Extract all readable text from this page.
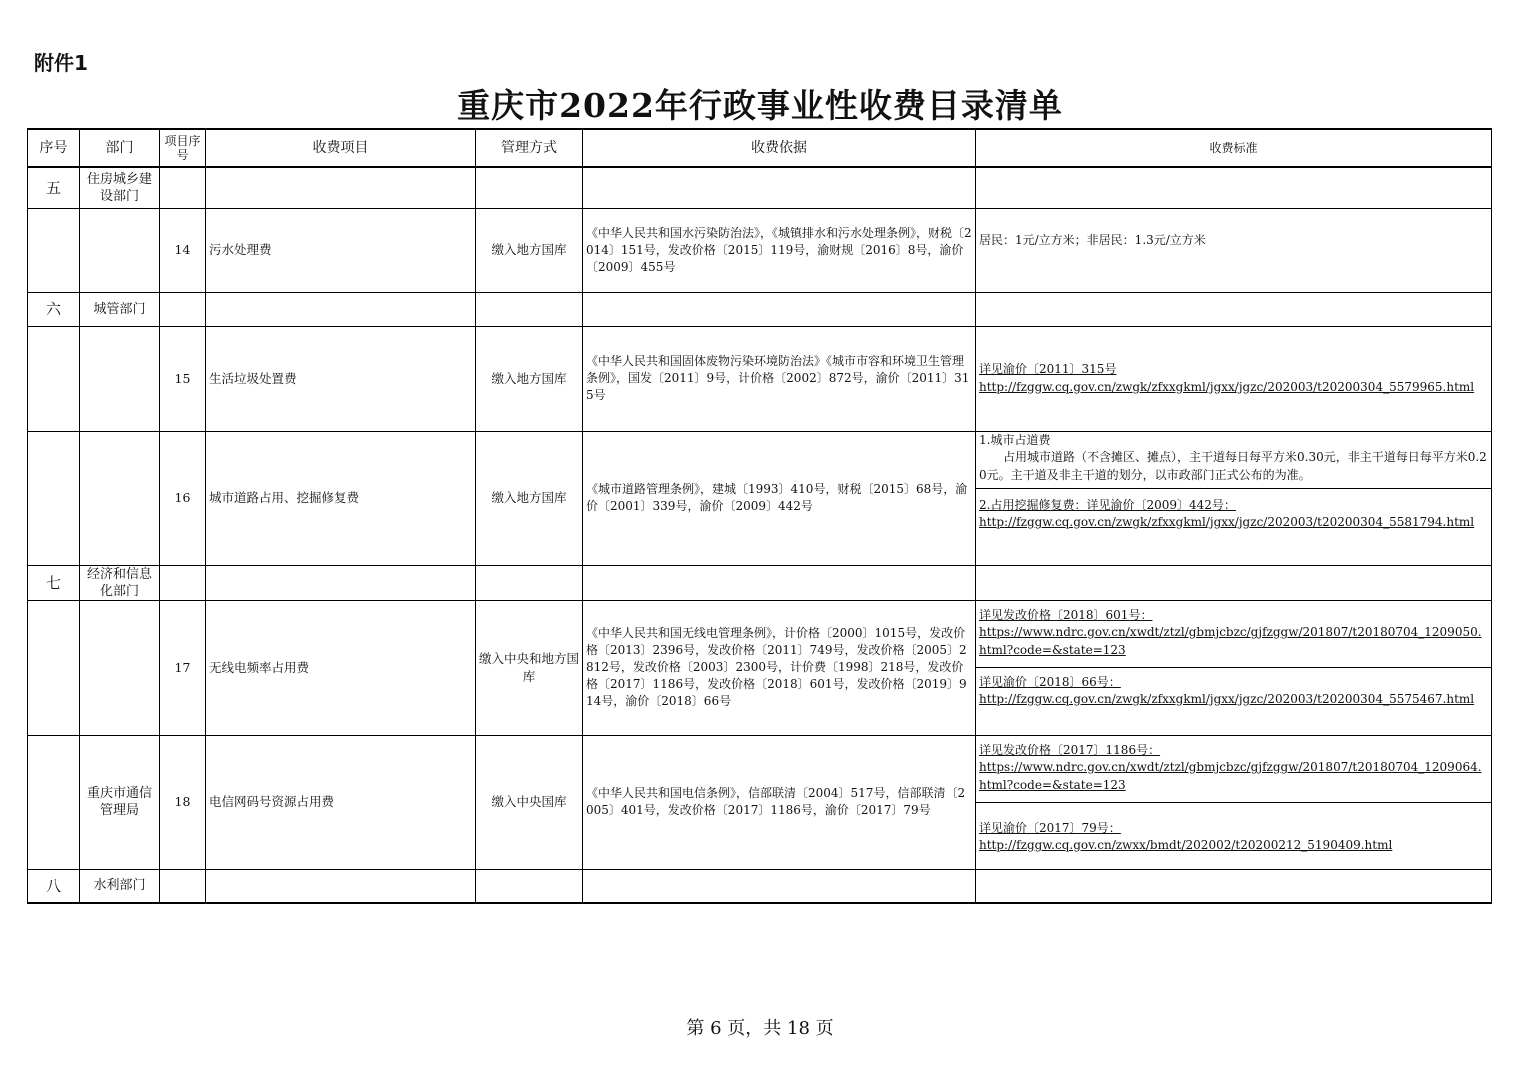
附件1
重庆市2022年行政事业性收费目录清单
序号	部门	项目序号	收费项目	管理方式	收费依据	收费标准
五	住房城乡建设部门					
		14	污水处理费	缴入地方国库	《中华人民共和国水污染防治法》，《城镇排水和污水处理条例》，财税〔2014〕151号，发改价格〔2015〕119号，渝财规〔2016〕8号，渝价〔2009〕455号	居民：1元/立方米；非居民：1.3元/立方米

六	城管部门					
		15	生活垃圾处置费	缴入地方国库	《中华人民共和国固体废物污染环境防治法》《城市市容和环境卫生管理条例》，国发〔2011〕9号，计价格〔2002〕872号，渝价〔2011〕315号	详见渝价〔2011〕315号
http://fzggw.cq.gov.cn/zwgk/zfxxgkml/jgxx/jgzc/202003/t20200304_5579965.html

		16	城市道路占用、挖掘修复费	缴入地方国库	《城市道路管理条例》，建城〔1993〕410号，财税〔2015〕68号，渝价〔2001〕339号，渝价〔2009〕442号	1.城市占道费
占用城市道路（不含摊区、摊点），主干道每日每平方米0.30元，非主干道每日每平方米0.20元。主干道及非主干道的划分，以市政部门正式公布的为准。
2.占用挖掘修复费：详见渝价〔2009〕442号：
http://fzggw.cq.gov.cn/zwgk/zfxxgkml/jgxx/jgzc/202003/t20200304_5581794.html

七	经济和信息化部门					
		17	无线电频率占用费	缴入中央和地方国库	《中华人民共和国无线电管理条例》，计价格〔2000〕1015号，发改价格〔2013〕2396号，发改价格〔2011〕749号，发改价格〔2005〕2812号，发改价格〔2003〕2300号，计价费〔1998〕218号，发改价格〔2017〕1186号，发改价格〔2018〕601号，发改价格〔2019〕914号，渝价〔2018〕66号	详见发改价格〔2018〕601号：
https://www.ndrc.gov.cn/xwdt/ztzl/gbmjcbzc/gjfzggw/201807/t20180704_1209050.html?code=&state=123
详见渝价〔2018〕66号：
http://fzggw.cq.gov.cn/zwgk/zfxxgkml/jgxx/jgzc/202003/t20200304_5575467.html

	重庆市通信管理局	18	电信网码号资源占用费	缴入中央国库	《中华人民共和国电信条例》，信部联清〔2004〕517号，信部联清〔2005〕401号，发改价格〔2017〕1186号，渝价〔2017〕79号	详见发改价格〔2017〕1186号：
https://www.ndrc.gov.cn/xwdt/ztzl/gbmjcbzc/gjfzggw/201807/t20180704_1209064.html?code=&state=123
详见渝价〔2017〕79号：
http://fzggw.cq.gov.cn/zwxx/bmdt/202002/t20200212_5190409.html

八	水利部门					
第 6 页，共 18 页
